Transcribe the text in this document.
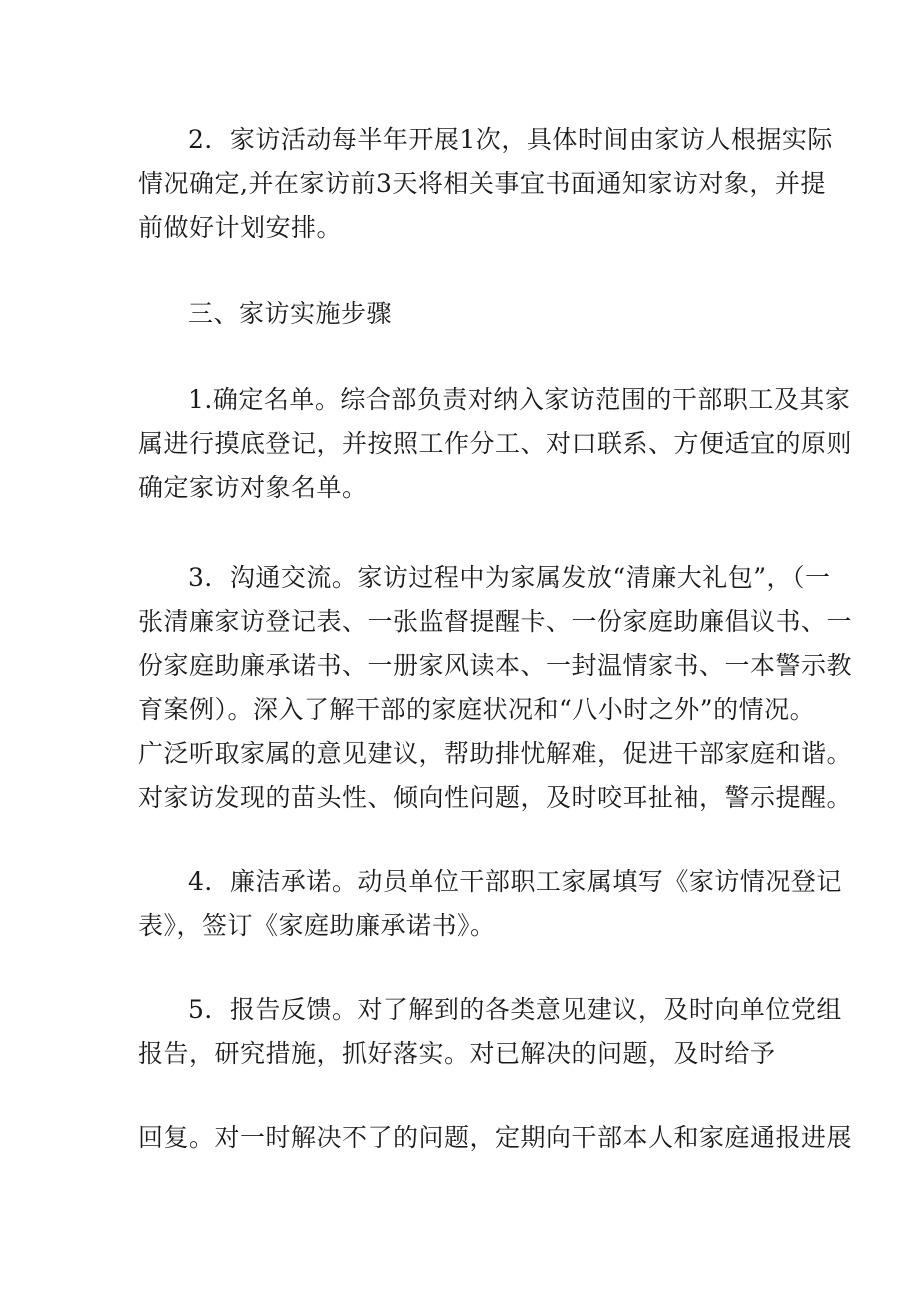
2．家访活动每半年开展1次，具体时间由家访人根据实际
情况确定,并在家访前3天将相关事宜书面通知家访对象，并提
前做好计划安排。

三、家访实施步骤

1.确定名单。综合部负责对纳入家访范围的干部职工及其家
属进行摸底登记，并按照工作分工、对口联系、方便适宜的原则
确定家访对象名单。

3．沟通交流。家访过程中为家属发放“清廉大礼包”，（一
张清廉家访登记表、一张监督提醒卡、一份家庭助廉倡议书、一
份家庭助廉承诺书、一册家风读本、一封温情家书、一本警示教
育案例）。深入了解干部的家庭状况和“八小时之外”的情况。
广泛听取家属的意见建议，帮助排忧解难，促进干部家庭和谐。
对家访发现的苗头性、倾向性问题，及时咬耳扯袖，警示提醒。

4．廉洁承诺。动员单位干部职工家属填写《家访情况登记
表》，签订《家庭助廉承诺书》。

5．报告反馈。对了解到的各类意见建议，及时向单位党组
报告，研究措施，抓好落实。对已解决的问题，及时给予

回复。对一时解决不了的问题，定期向干部本人和家庭通报进展
